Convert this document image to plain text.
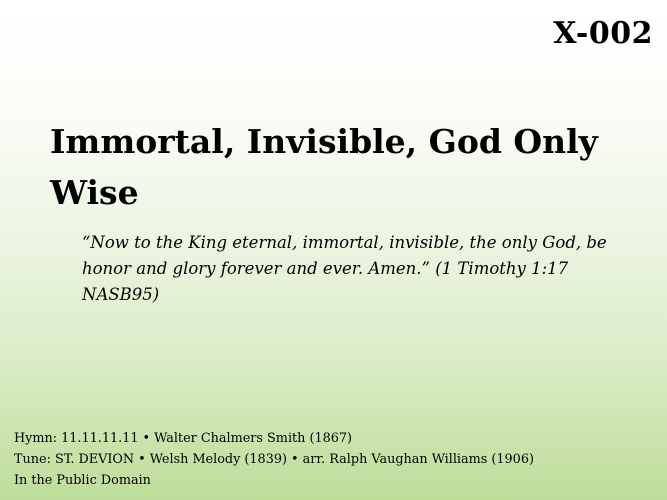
X-002
Immortal, Invisible, God Only Wise

“Now to the King eternal, immortal, invisible, the only God, be honor and glory forever and ever. Amen.” (1 Timothy 1:17 NASB95)

Hymn: 11.11.11.11 • Walter Chalmers Smith (1867)
Tune: ST. DEVION • Welsh Melody (1839) • arr. Ralph Vaughan Williams (1906)
In the Public Domain
